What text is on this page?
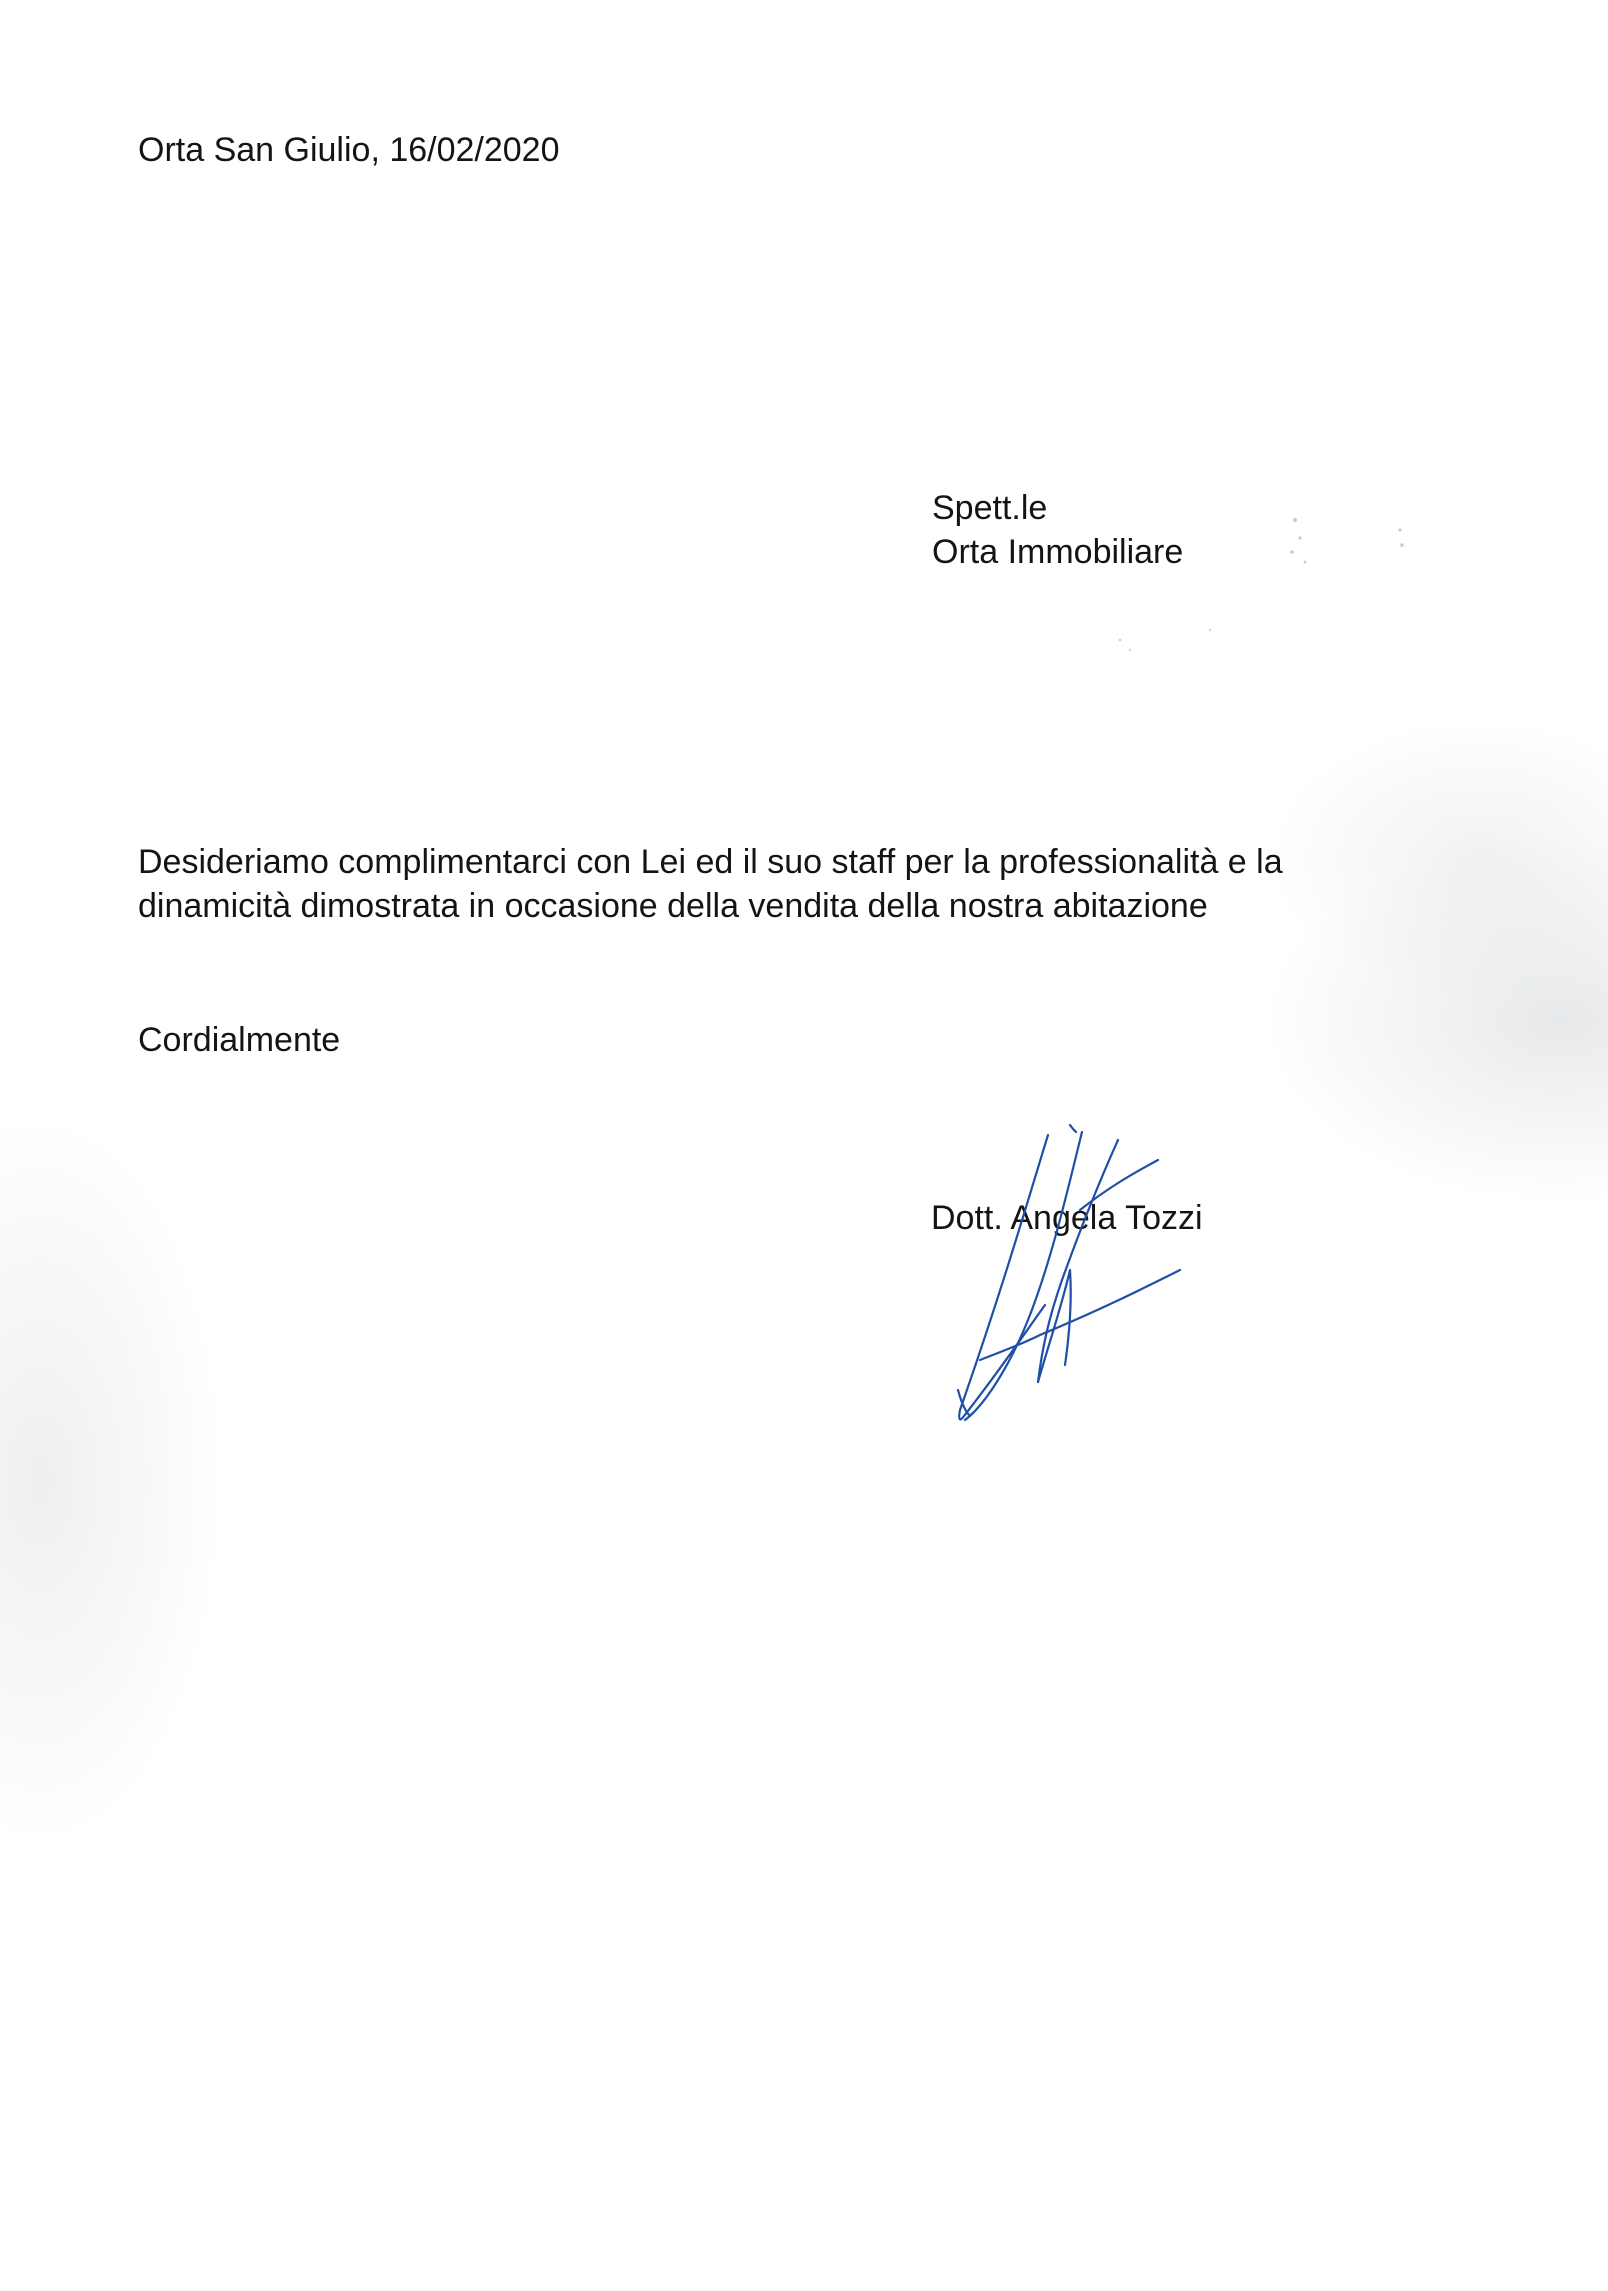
Orta San Giulio, 16/02/2020

Spett.le
Orta Immobiliare
Desideriamo complimentarci con Lei ed il suo staff per la professionalità e la
dinamicità dimostrata in occasione della vendita della nostra abitazione

Cordialmente

Dott. Angela Tozzi
